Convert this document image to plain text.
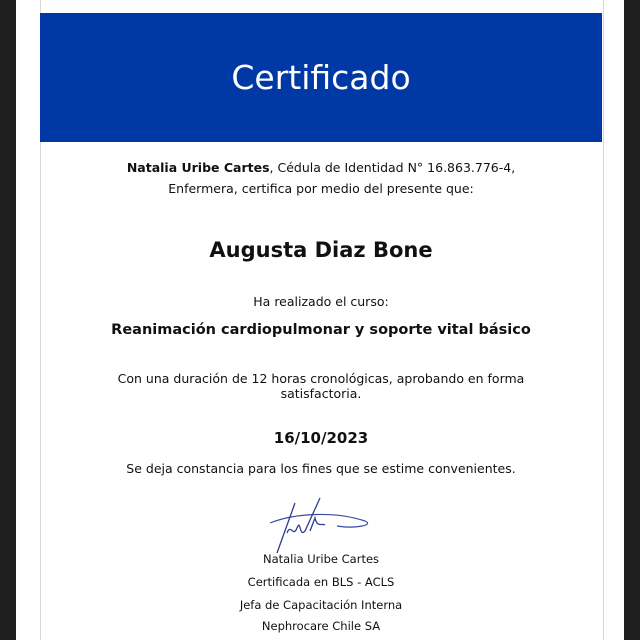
Certificado
Natalia Uribe Cartes, Cédula de Identidad N° 16.863.776-4,
Enfermera, certifica por medio del presente que:
Augusta Diaz Bone
Ha realizado el curso:
Reanimación cardiopulmonar y soporte vital básico
Con una duración de 12 horas cronológicas, aprobando en forma
satisfactoria.
16/10/2023
Se deja constancia para los fines que se estime convenientes.
Natalia Uribe Cartes
Certificada en BLS - ACLS
Jefa de Capacitación Interna
Nephrocare Chile SA
